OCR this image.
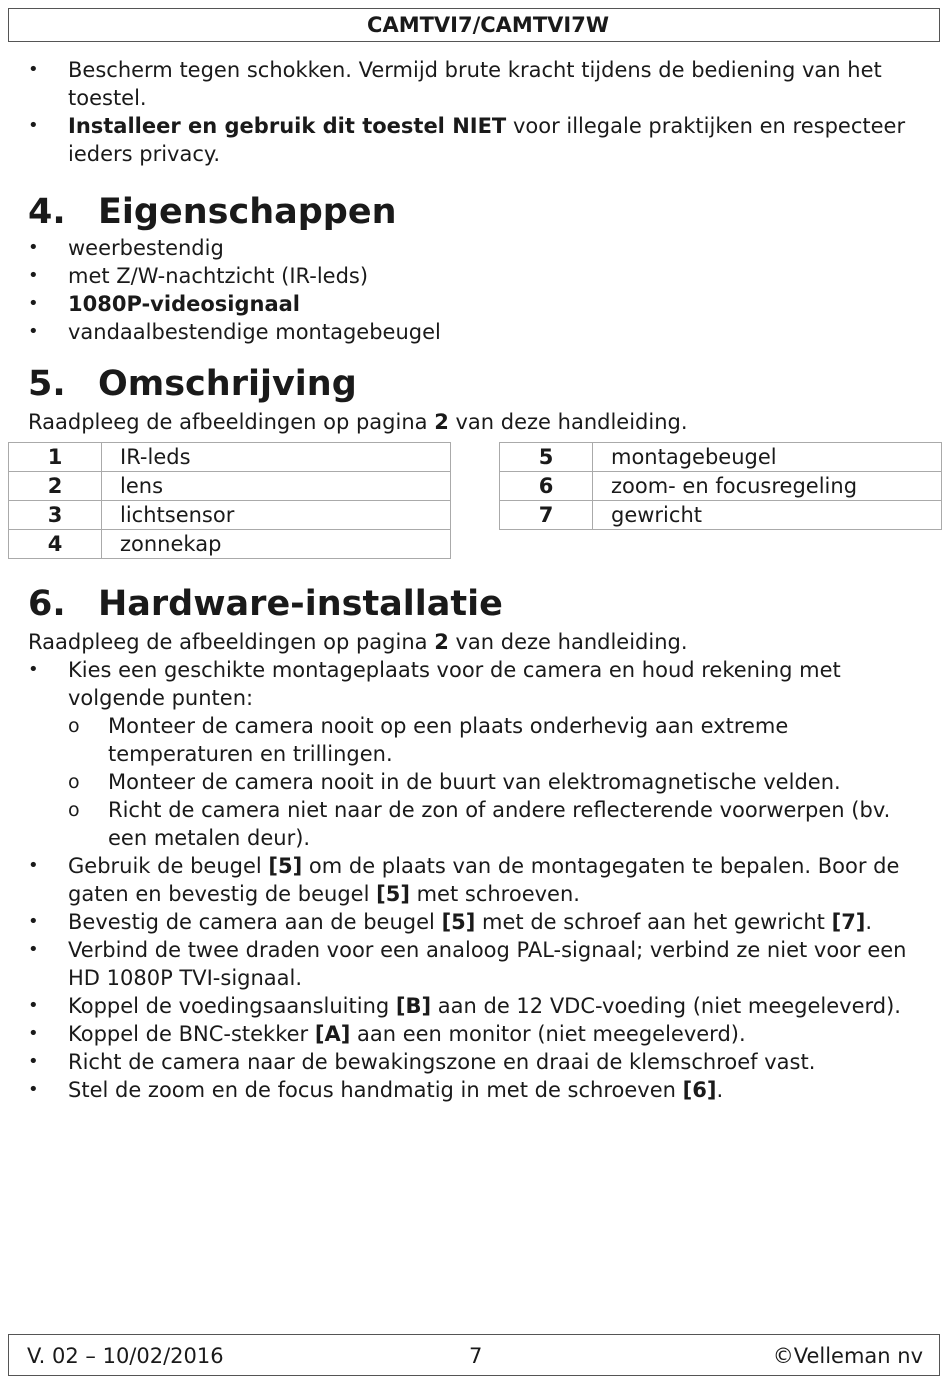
CAMTVI7/CAMTVI7W
• Bescherm tegen schokken. Vermijd brute kracht tijdens de bediening van het toestel.
• Installeer en gebruik dit toestel NIET voor illegale praktijken en respecteer ieders privacy.
4. Eigenschappen
• weerbestendig
• met Z/W-nachtzicht (IR-leds)
• 1080P-videosignaal
• vandaalbestendige montagebeugel
5. Omschrijving

Raadpleeg de afbeeldingen op pagina 2 van deze handleiding.

1	IR-leds
2	lens
3	lichtsensor
4	zonnekap
5	montagebeugel
6	zoom- en focusregeling
7	gewricht
6. Hardware-installatie

Raadpleeg de afbeeldingen op pagina 2 van deze handleiding.

• Kies een geschikte montageplaats voor de camera en houd rekening met volgende punten:
o Monteer de camera nooit op een plaats onderhevig aan extreme temperaturen en trillingen.
o Monteer de camera nooit in de buurt van elektromagnetische velden.
o Richt de camera niet naar de zon of andere reflecterende voorwerpen (bv. een metalen deur).
• Gebruik de beugel [5] om de plaats van de montagegaten te bepalen. Boor de gaten en bevestig de beugel [5] met schroeven.
• Bevestig de camera aan de beugel [5] met de schroef aan het gewricht [7].
• Verbind de twee draden voor een analoog PAL-signaal; verbind ze niet voor een HD 1080P TVI-signaal.
• Koppel de voedingsaansluiting [B] aan de 12 VDC-voeding (niet meegeleverd).
• Koppel de BNC-stekker [A] aan een monitor (niet meegeleverd).
• Richt de camera naar de bewakingszone en draai de klemschroef vast.
• Stel de zoom en de focus handmatig in met de schroeven [6].
V. 02 – 10/02/2016	7	©Velleman nv
